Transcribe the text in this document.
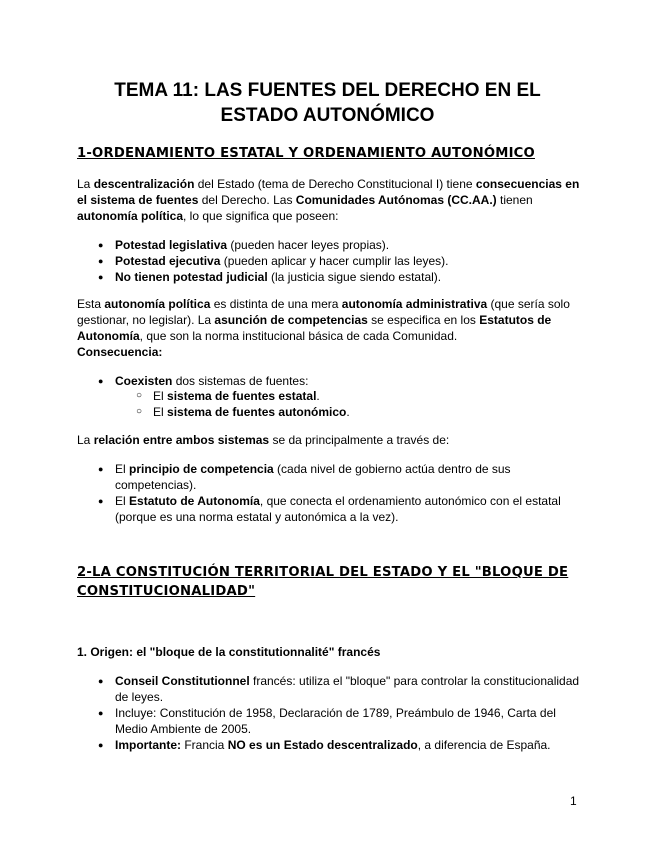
TEMA 11: LAS FUENTES DEL DERECHO EN EL
ESTADO AUTONÓMICO
1-ORDENAMIENTO ESTATAL Y ORDENAMIENTO AUTONÓMICO
La descentralización del Estado (tema de Derecho Constitucional I) tiene consecuencias en
el sistema de fuentes del Derecho. Las Comunidades Autónomas (CC.AA.) tienen
autonomía política, lo que significa que poseen:
● Potestad legislativa (pueden hacer leyes propias).
● Potestad ejecutiva (pueden aplicar y hacer cumplir las leyes).
● No tienen potestad judicial (la justicia sigue siendo estatal).
Esta autonomía política es distinta de una mera autonomía administrativa (que sería solo
gestionar, no legislar). La asunción de competencias se especifica en los Estatutos de
Autonomía, que son la norma institucional básica de cada Comunidad.
Consecuencia:
● Coexisten dos sistemas de fuentes:
○ El sistema de fuentes estatal.
○ El sistema de fuentes autonómico.
La relación entre ambos sistemas se da principalmente a través de:
● El principio de competencia (cada nivel de gobierno actúa dentro de sus
competencias).
● El Estatuto de Autonomía, que conecta el ordenamiento autonómico con el estatal
(porque es una norma estatal y autonómica a la vez).
2-LA CONSTITUCIÓN TERRITORIAL DEL ESTADO Y EL "BLOQUE DE
CONSTITUCIONALIDAD"
1. Origen: el "bloque de la constitutionnalité" francés
● Conseil Constitutionnel francés: utiliza el "bloque" para controlar la constitucionalidad
de leyes.
● Incluye: Constitución de 1958, Declaración de 1789, Preámbulo de 1946, Carta del
Medio Ambiente de 2005.
● Importante: Francia NO es un Estado descentralizado, a diferencia de España.
1
